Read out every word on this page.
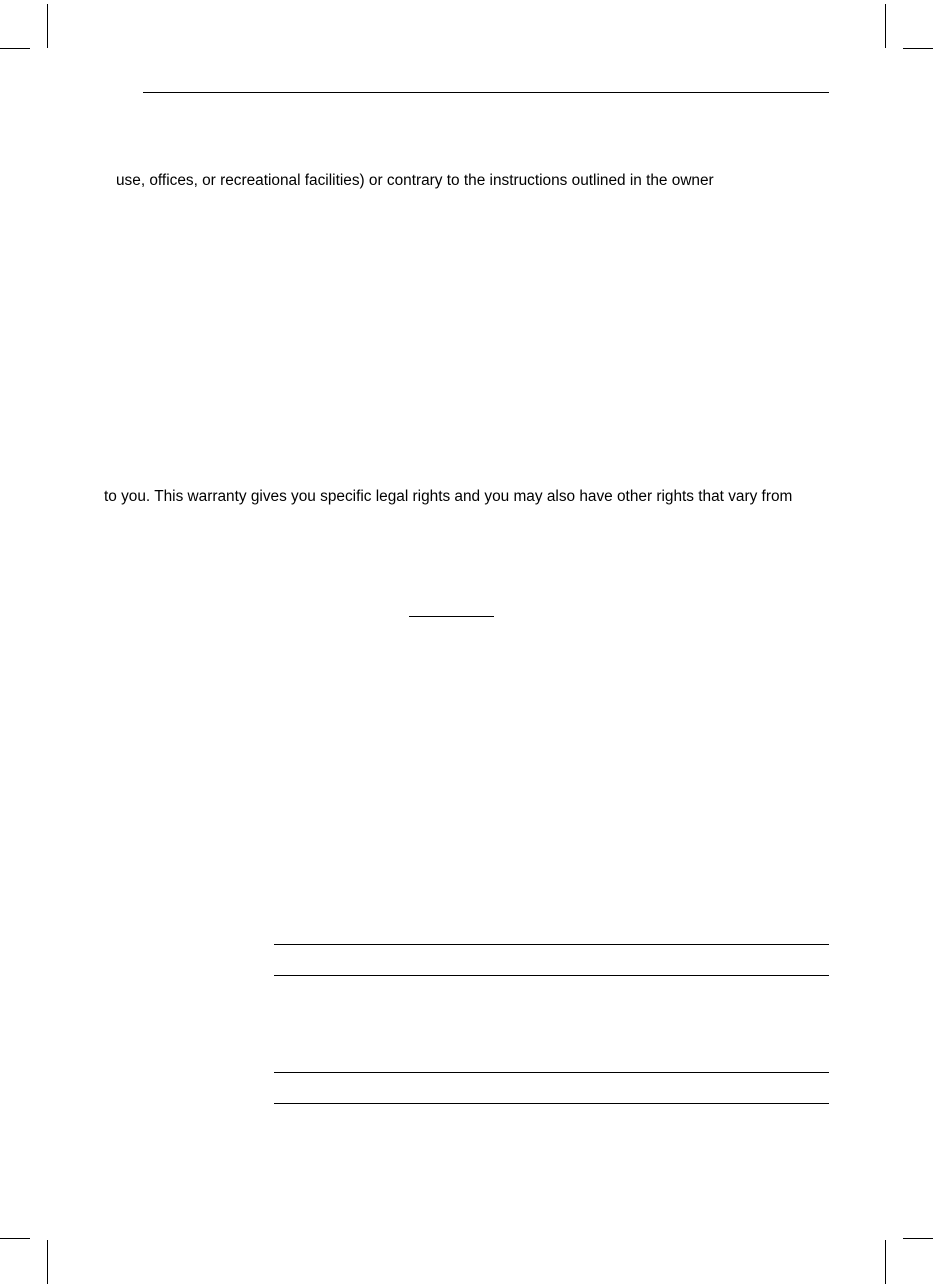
use, offices, or recreational facilities) or contrary to the instructions outlined in the owner
to you. This warranty gives you specific legal rights and you may also have other rights that vary from
